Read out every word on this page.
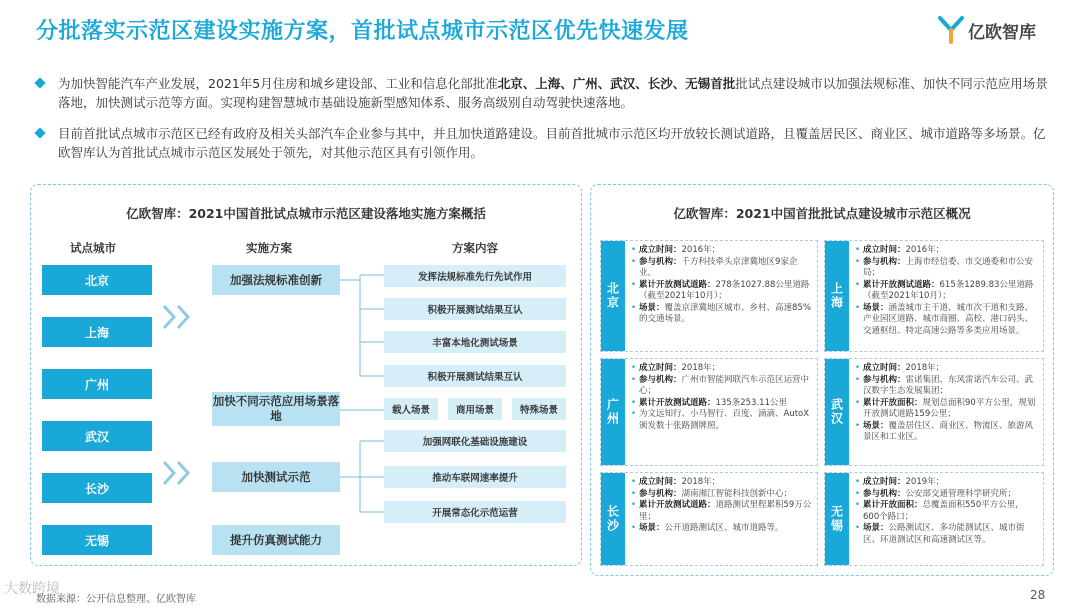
分批落实示范区建设实施方案，首批试点城市示范区优先快速发展	亿欧智库
为加快智能汽车产业发展，2021年5月住房和城乡建设部、工业和信息化部批准北京、上海、广州、武汉、长沙、无锡首批批试点建设城市以加强法规标准、加快不同示范应用场景落地，加快测试示范等方面。实现构建智慧城市基础设施新型感知体系、服务高级别自动驾驶快速落地。
目前首批试点城市示范区已经有政府及相关头部汽车企业参与其中，并且加快道路建设。目前首批城市示范区均开放较长测试道路，且覆盖居民区、商业区、城市道路等多场景。亿欧智库认为首批试点城市示范区发展处于领先，对其他示范区具有引领作用。
亿欧智库：2021中国首批试点城市示范区建设落地实施方案概括
试点城市	实施方案	方案内容
北京
上海
广州
武汉
长沙
无锡
加强法规标准创新
加快不同示范应用场景落地
加快测试示范
提升仿真测试能力
发挥法规标准先行先试作用
积极开展测试结果互认
丰富本地化测试场景
积极开展测试结果互认
载人场景	商用场景	特殊场景
加强网联化基础设施建设
推动车联网速率提升
开展常态化示范运营
亿欧智库：2021中国首批批试点建设城市示范区概况
北京
• 成立时间：2016年；
• 参与机构：千方科技牵头京津冀地区9家企业。
• 累计开放测试道路：278条1027.88公里道路（截至2021年10月）；
• 场景：覆盖京津冀地区城市、乡村、高速85%的交通场景。
上海
• 成立时间：2016年；
• 参与机构：上海市经信委、市交通委和市公安局；
• 累计开放测试道路：615条1289.83公里道路（截至2021年10月）；
• 场景：涵盖城市主干道、城市次干道和支路、产业园区道路、城市商圈、高校、港口码头、交通枢纽、特定高速公路等多类应用场景。
广州
• 成立时间：2018年；
• 参与机构：广州市智能网联汽车示范区运营中心；
• 累计开放测试道路：135条253.11公里
• 为文远知行、小马智行、百度、滴滴、AutoX颁发数十张路测牌照。	武汉
• 成立时间：2018年；
• 参与机构：雷诺集团、东风雷诺汽车公司、武汉数字生态发展集团；
• 累计开放面积：规划总面积90平方公里，规划开放测试道路159公里；
• 场景：覆盖居住区、商业区、物流区、旅游风景区和工业区。
长沙
• 成立时间：2018年；
• 参与机构：湖南湘江智能科技创新中心；
• 累计开放测试道路：道路测试里程累积59万公里；
• 场景：公开道路测试区、城市道路等。	无锡
• 成立时间：2019年；
• 参与机构：公安部交通管理科学研究所；
• 累计开放面积：总覆盖面积550平方公里，600个路口；
• 场景：公路测试区、多功能测试区、城市街区、环道测试区和高速测试区等。
大数跨境
数据来源：公开信息整理、亿欧智库	28
